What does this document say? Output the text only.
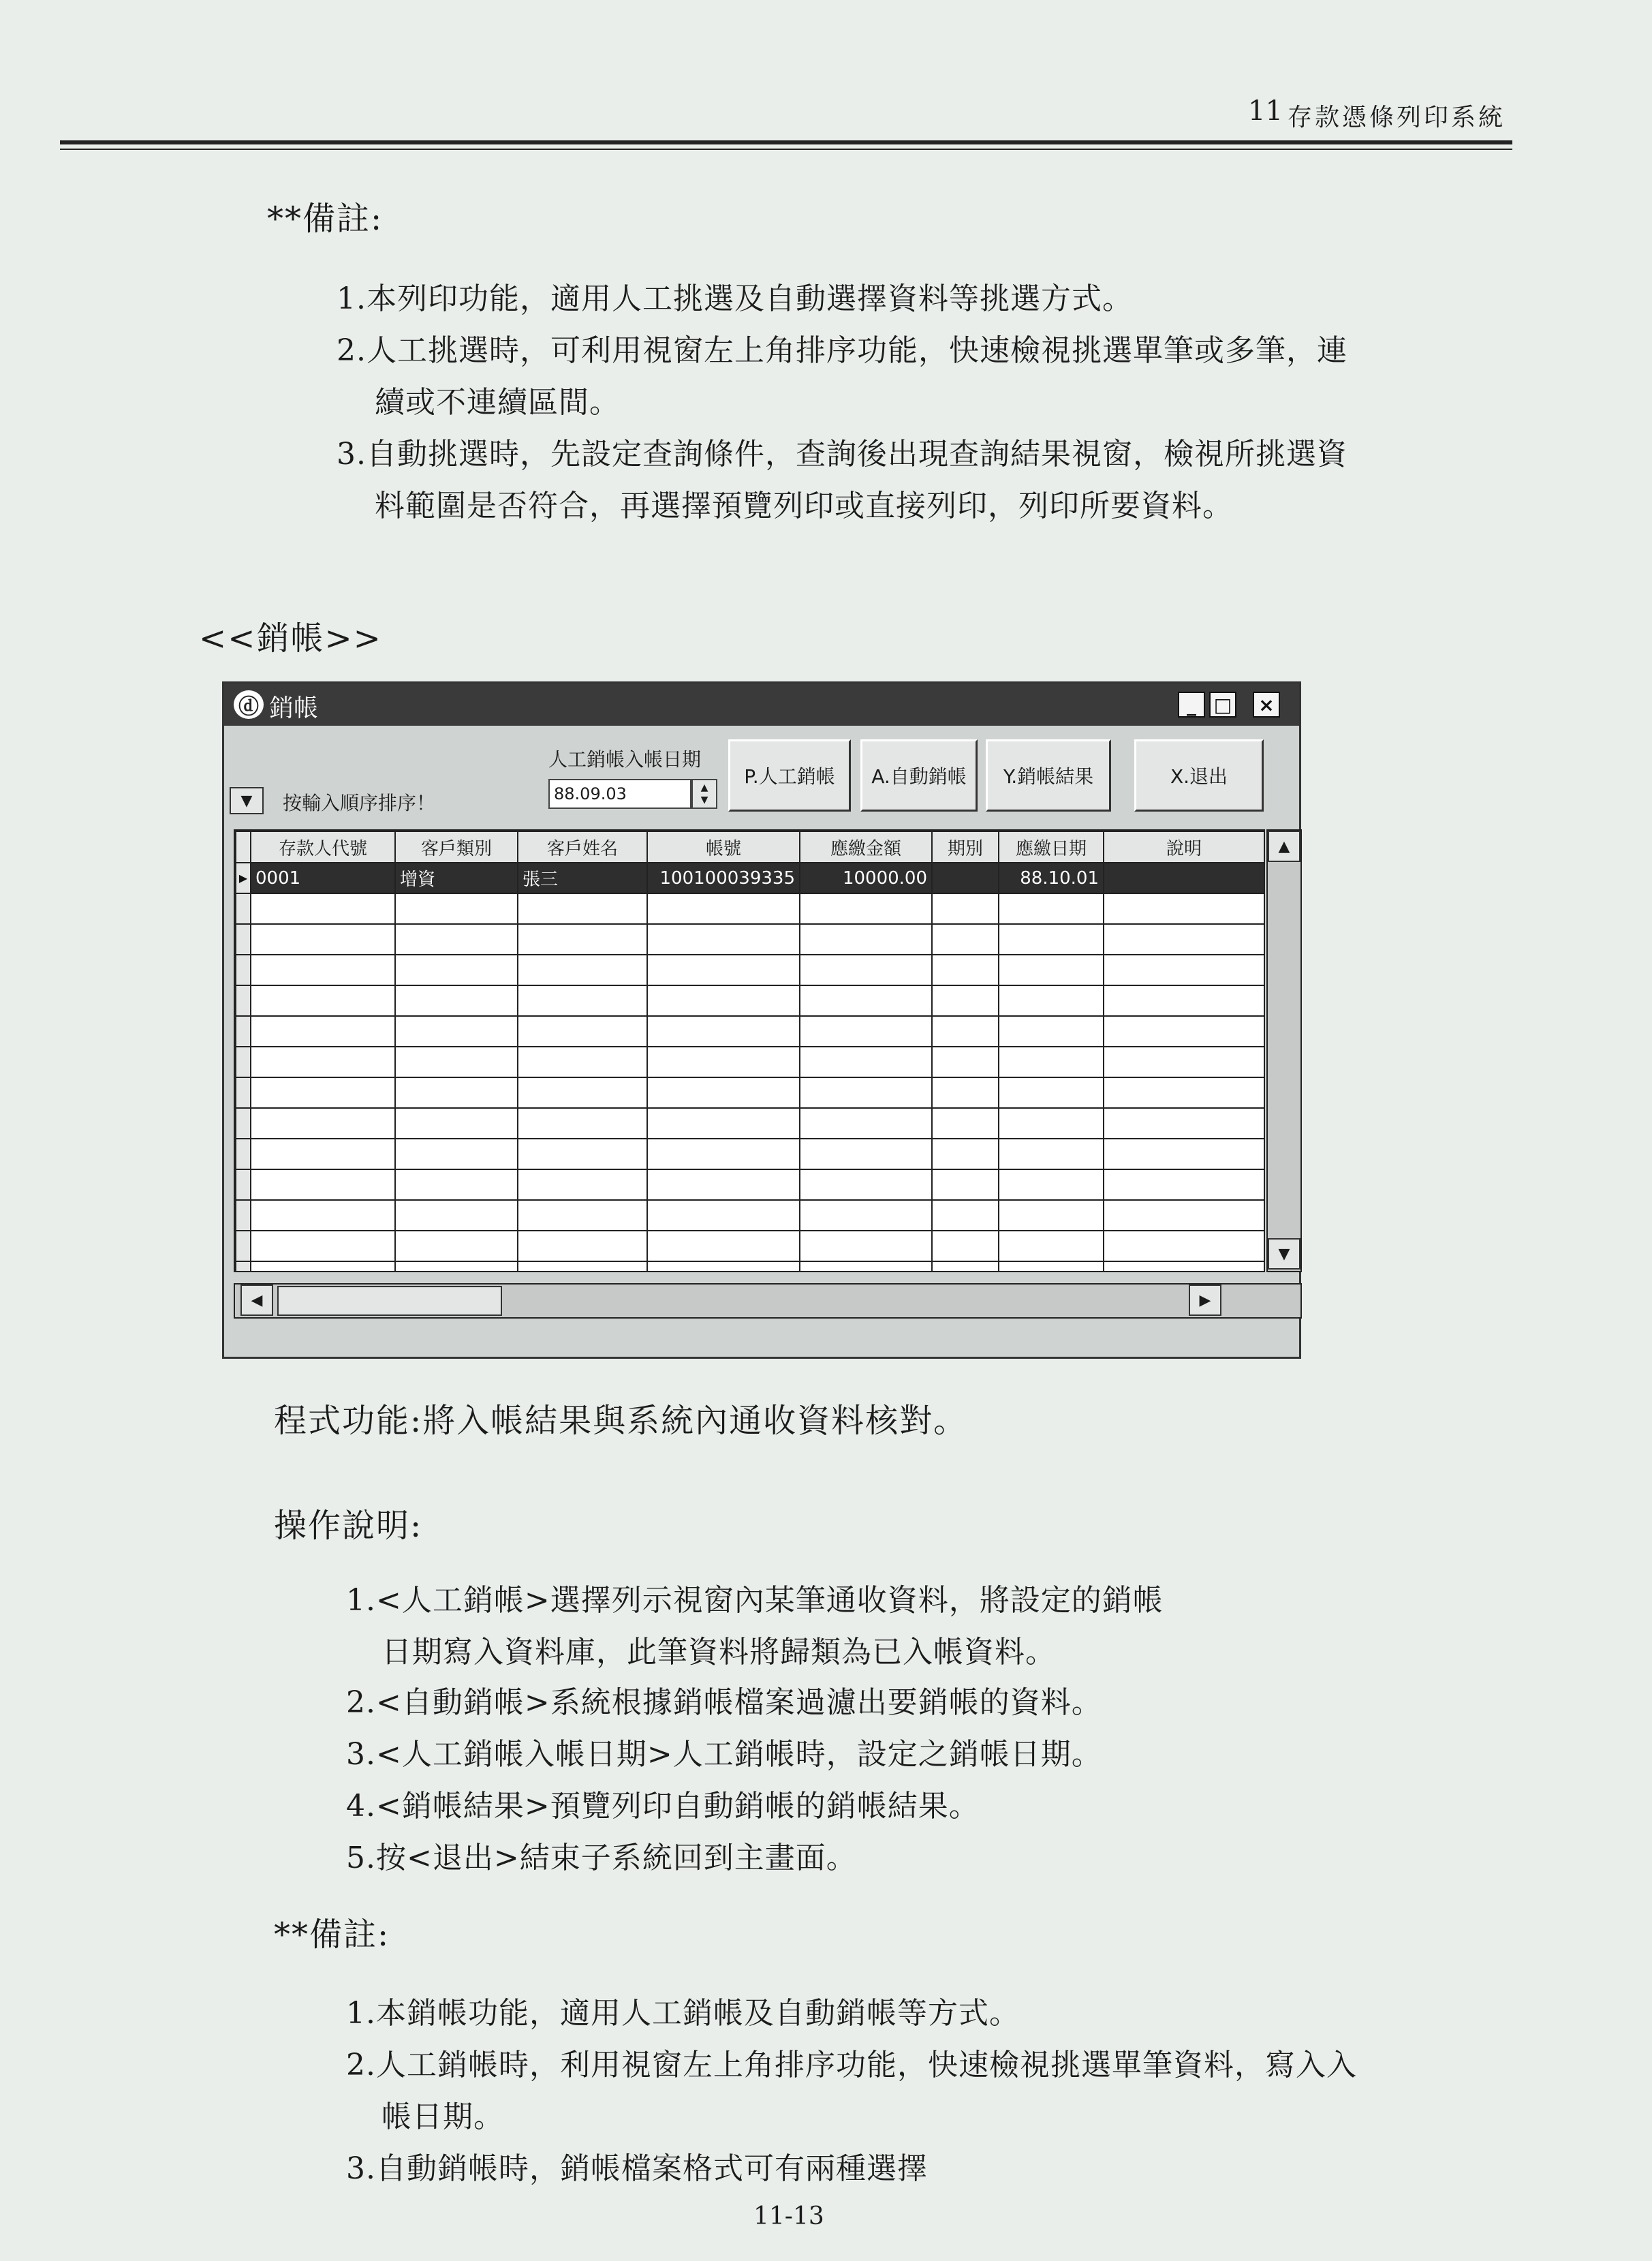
11 存款憑條列印系統
**備註:
1.本列印功能，適用人工挑選及自動選擇資料等挑選方式。
2.人工挑選時，可利用視窗左上角排序功能，快速檢視挑選單筆或多筆，連
續或不連續區間。
3.自動挑選時，先設定查詢條件，查詢後出現查詢結果視窗，檢視所挑選資
料範圍是否符合，再選擇預覽列印或直接列印，列印所要資料。
<<銷帳>>
ⓓ 銷帳	_ □ ×
▼ 按輸入順序排序！
人工銷帳入帳日期
88.09.03	▲
▼
P.人工銷帳	A.自動銷帳	Y.銷帳結果	X.退出
	存款人代號	客戶類別	客戶姓名	帳號	應繳金額	期別	應繳日期	說明
▶	0001	增資	張三	100100039335	10000.00		88.10.01	

▲
▼
◀	▶
程式功能:將入帳結果與系統內通收資料核對。
操作說明:
1.<人工銷帳>選擇列示視窗內某筆通收資料，將設定的銷帳
日期寫入資料庫，此筆資料將歸類為已入帳資料。
2.<自動銷帳>系統根據銷帳檔案過濾出要銷帳的資料。
3.<人工銷帳入帳日期>人工銷帳時，設定之銷帳日期。
4.<銷帳結果>預覽列印自動銷帳的銷帳結果。
5.按<退出>結束子系統回到主畫面。
**備註:
1.本銷帳功能，適用人工銷帳及自動銷帳等方式。
2.人工銷帳時，利用視窗左上角排序功能，快速檢視挑選單筆資料，寫入入
帳日期。
3.自動銷帳時，銷帳檔案格式可有兩種選擇
11-13
